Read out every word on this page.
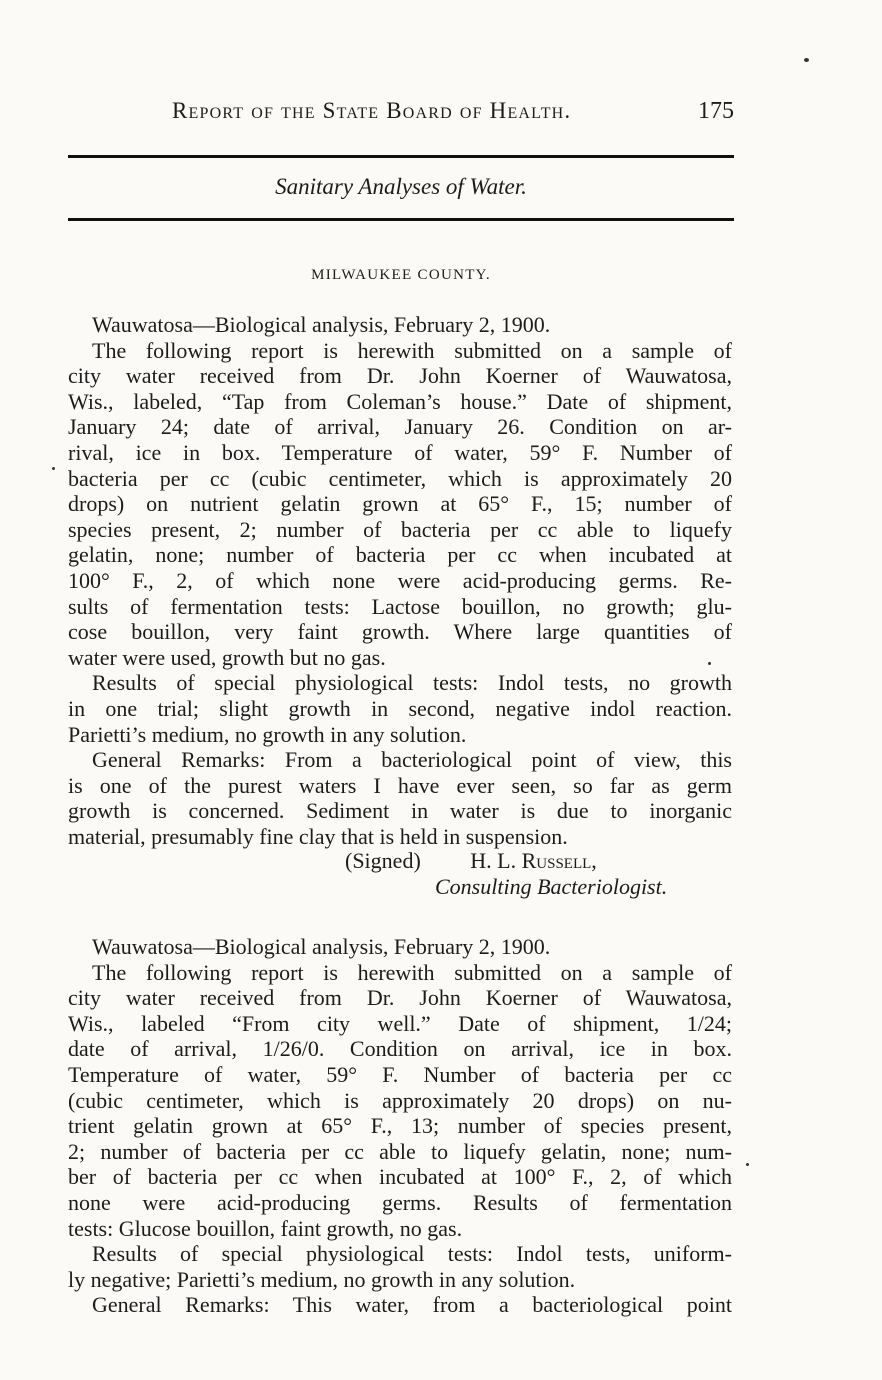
Report of the State Board of Health.	175
Sanitary Analyses of Water.
MILWAUKEE COUNTY.
Wauwatosa—Biological analysis, February 2, 1900.
The following report is herewith submitted on a sample of
city water received from Dr. John Koerner of Wauwatosa,
Wis., labeled, “Tap from Coleman’s house.” Date of shipment,
January 24; date of arrival, January 26. Condition on ar-
rival, ice in box. Temperature of water, 59° F. Number of
bacteria per cc (cubic centimeter, which is approximately 20
drops) on nutrient gelatin grown at 65° F., 15; number of
species present, 2; number of bacteria per cc able to liquefy
gelatin, none; number of bacteria per cc when incubated at
100° F., 2, of which none were acid-producing germs. Re-
sults of fermentation tests: Lactose bouillon, no growth; glu-
cose bouillon, very faint growth. Where large quantities of
water were used, growth but no gas.
Results of special physiological tests: Indol tests, no growth
in one trial; slight growth in second, negative indol reaction.
Parietti’s medium, no growth in any solution.
General Remarks: From a bacteriological point of view, this
is one of the purest waters I have ever seen, so far as germ
growth is concerned. Sediment in water is due to inorganic
material, presumably fine clay that is held in suspension.
(Signed) H. L. Russell,
Consulting Bacteriologist.
Wauwatosa—Biological analysis, February 2, 1900.
The following report is herewith submitted on a sample of
city water received from Dr. John Koerner of Wauwatosa,
Wis., labeled “From city well.” Date of shipment, 1/24;
date of arrival, 1/26/0. Condition on arrival, ice in box.
Temperature of water, 59° F. Number of bacteria per cc
(cubic centimeter, which is approximately 20 drops) on nu-
trient gelatin grown at 65° F., 13; number of species present,
2; number of bacteria per cc able to liquefy gelatin, none; num-
ber of bacteria per cc when incubated at 100° F., 2, of which
none were acid-producing germs. Results of fermentation
tests: Glucose bouillon, faint growth, no gas.
Results of special physiological tests: Indol tests, uniform-
ly negative; Parietti’s medium, no growth in any solution.
General Remarks: This water, from a bacteriological point
